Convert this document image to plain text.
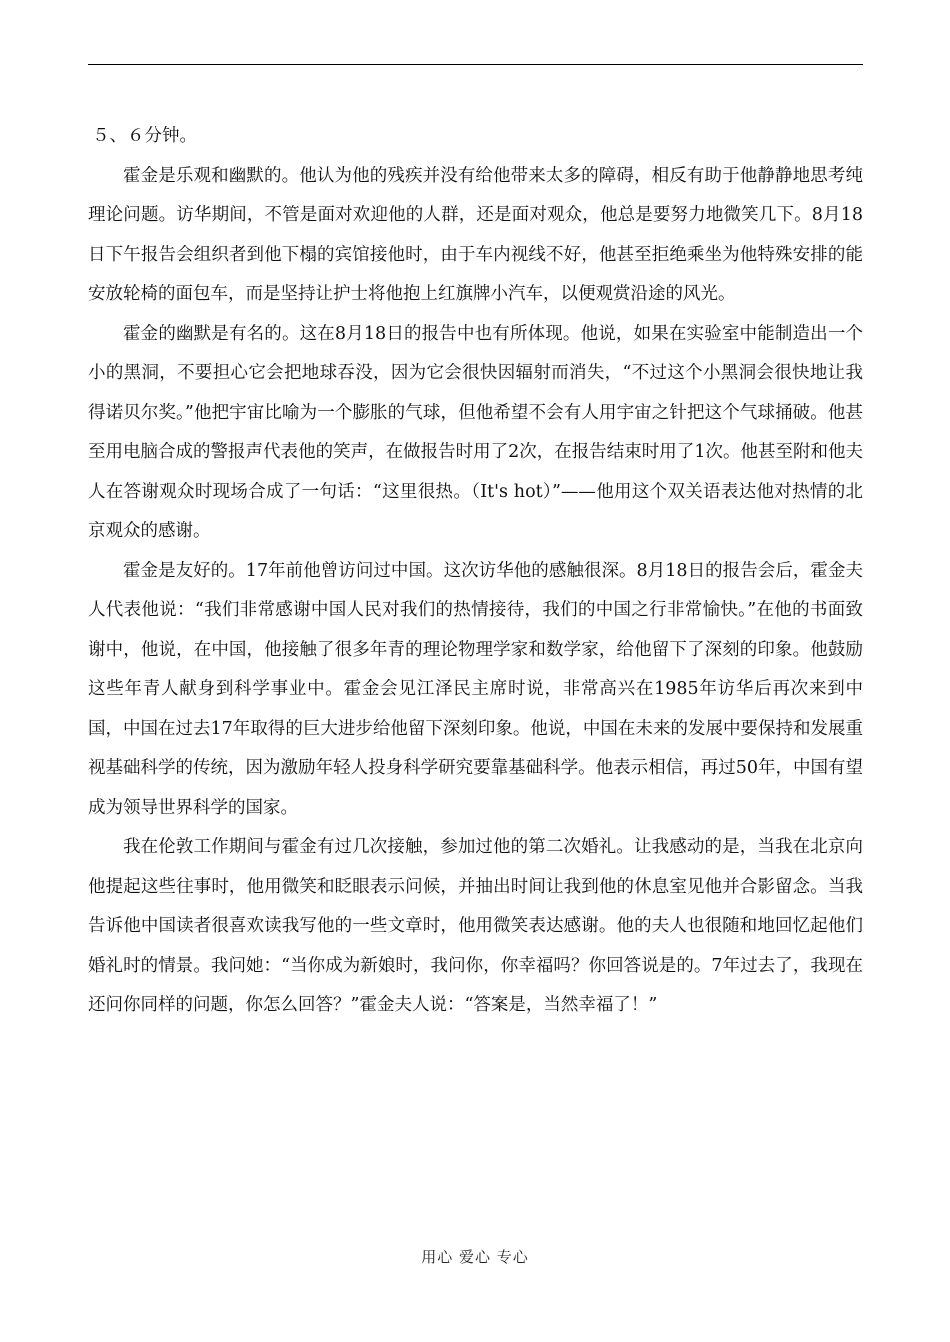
５、６分钟。

霍金是乐观和幽默的。他认为他的残疾并没有给他带来太多的障碍，相反有助于他静静地思考纯理论问题。访华期间，不管是面对欢迎他的人群，还是面对观众，他总是要努力地微笑几下。8月18日下午报告会组织者到他下榻的宾馆接他时，由于车内视线不好，他甚至拒绝乘坐为他特殊安排的能安放轮椅的面包车，而是坚持让护士将他抱上红旗牌小汽车，以便观赏沿途的风光。

霍金的幽默是有名的。这在8月18日的报告中也有所体现。他说，如果在实验室中能制造出一个小的黑洞，不要担心它会把地球吞没，因为它会很快因辐射而消失，“不过这个小黑洞会很快地让我得诺贝尔奖。”他把宇宙比喻为一个膨胀的气球，但他希望不会有人用宇宙之针把这个气球捅破。他甚至用电脑合成的警报声代表他的笑声，在做报告时用了2次，在报告结束时用了1次。他甚至附和他夫人在答谢观众时现场合成了一句话：“这里很热。（It's hot）”——他用这个双关语表达他对热情的北京观众的感谢。

霍金是友好的。17年前他曾访问过中国。这次访华他的感触很深。8月18日的报告会后，霍金夫人代表他说：“我们非常感谢中国人民对我们的热情接待，我们的中国之行非常愉快。”在他的书面致谢中，他说，在中国，他接触了很多年青的理论物理学家和数学家，给他留下了深刻的印象。他鼓励这些年青人献身到科学事业中。霍金会见江泽民主席时说，非常高兴在1985年访华后再次来到中国，中国在过去17年取得的巨大进步给他留下深刻印象。他说，中国在未来的发展中要保持和发展重视基础科学的传统，因为激励年轻人投身科学研究要靠基础科学。他表示相信，再过50年，中国有望成为领导世界科学的国家。

我在伦敦工作期间与霍金有过几次接触，参加过他的第二次婚礼。让我感动的是，当我在北京向他提起这些往事时，他用微笑和眨眼表示问候，并抽出时间让我到他的休息室见他并合影留念。当我告诉他中国读者很喜欢读我写他的一些文章时，他用微笑表达感谢。他的夫人也很随和地回忆起他们婚礼时的情景。我问她：“当你成为新娘时，我问你，你幸福吗？你回答说是的。7年过去了，我现在还问你同样的问题，你怎么回答？”霍金夫人说：“答案是，当然幸福了！”

用心 爱心 专心
